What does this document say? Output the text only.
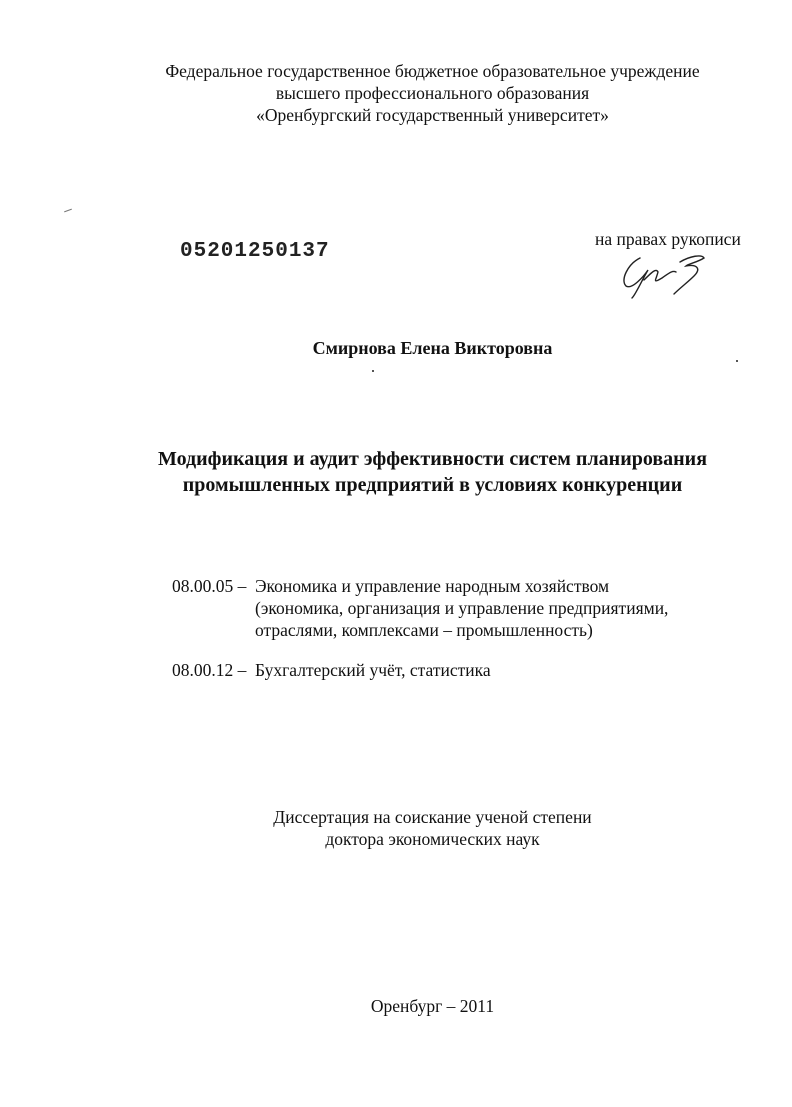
Федеральное государственное бюджетное образовательное учреждение
высшего профессионального образования
«Оренбургский государственный университет»
05201250137
на правах рукописи
Смирнова Елена Викторовна
Модификация и аудит эффективности систем планирования
промышленных предприятий в условиях конкуренции
08.00.05 – Экономика и управление народным хозяйством
(экономика, организация и управление предприятиями,
отраслями, комплексами – промышленность)
08.00.12 – Бухгалтерский учёт, статистика
Диссертация на соискание ученой степени
доктора экономических наук
Оренбург – 2011
